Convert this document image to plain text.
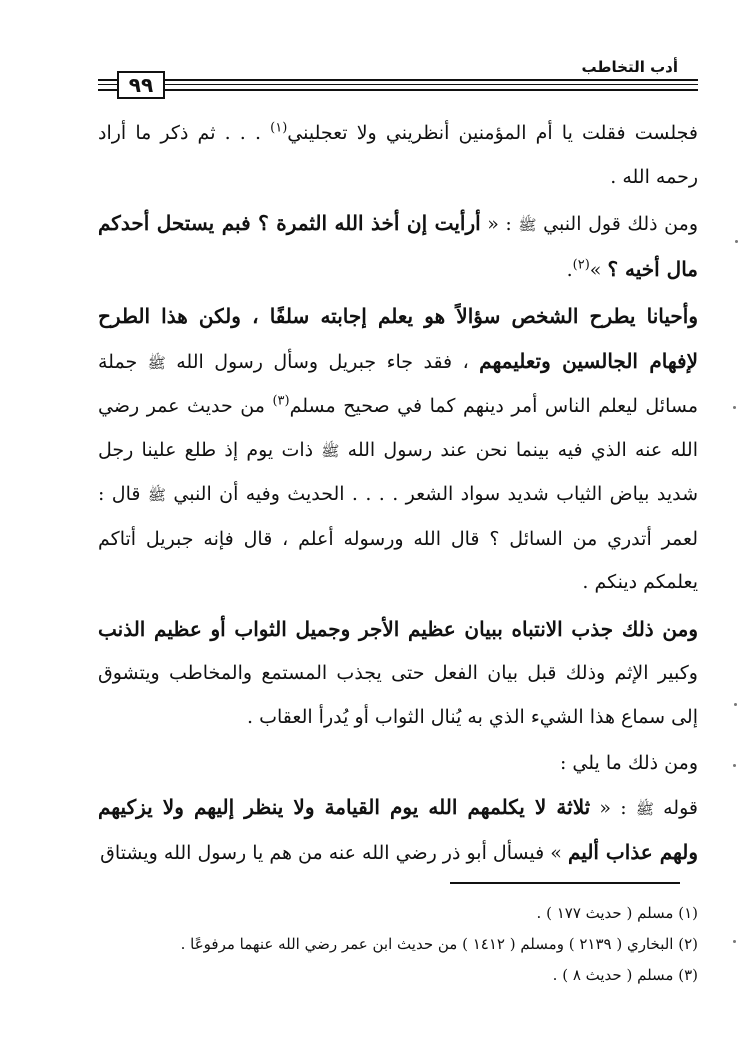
أدب التخاطب
٩٩

فجلست فقلت يا أم المؤمنين أنظريني ولا تعجليني$^{(١)}$ . . . ثم ذكر ما أراد رحمه الله .

ومن ذلك قول النبي ﷺ : « أرأيت إن أخذ الله الثمرة ؟ فبم يستحل أحدكم مال أخيه ؟ »$^{(٢)}$.

وأحيانا يطرح الشخص سؤالاً هو يعلم إجابته سلفًا ، ولكن هذا الطرح لإفهام الجالسين وتعليمهم ، فقد جاء جبريل وسأل رسول الله ﷺ جملة مسائل ليعلم الناس أمر دينهم كما في صحيح مسلم$^{(٣)}$ من حديث عمر رضي الله عنه الذي فيه بينما نحن عند رسول الله ﷺ ذات يوم إذ طلع علينا رجل شديد بياض الثياب شديد سواد الشعر . . . . الحديث وفيه أن النبي ﷺ قال : لعمر أتدري من السائل ؟ قال الله ورسوله أعلم ، قال فإنه جبريل أتاكم يعلمكم دينكم .

ومن ذلك جذب الانتباه ببيان عظيم الأجر وجميل الثواب أو عظيم الذنب وكبير الإثم وذلك قبل بيان الفعل حتى يجذب المستمع والمخاطب ويتشوق إلى سماع هذا الشيء الذي به يُنال الثواب أو يُدرأ العقاب .

ومن ذلك ما يلي :

قوله ﷺ : « ثلاثة لا يكلمهم الله يوم القيامة ولا ينظر إليهم ولا يزكيهم ولهم عذاب أليم » فيسأل أبو ذر رضي الله عنه من هم يا رسول الله ويشتاق

(١) مسلم ( حديث ١٧٧ ) .

(٢) البخاري ( ٢١٣٩ ) ومسلم ( ١٤١٢ ) من حديث ابن عمر رضي الله عنهما مرفوعًا .

(٣) مسلم ( حديث ٨ ) .
